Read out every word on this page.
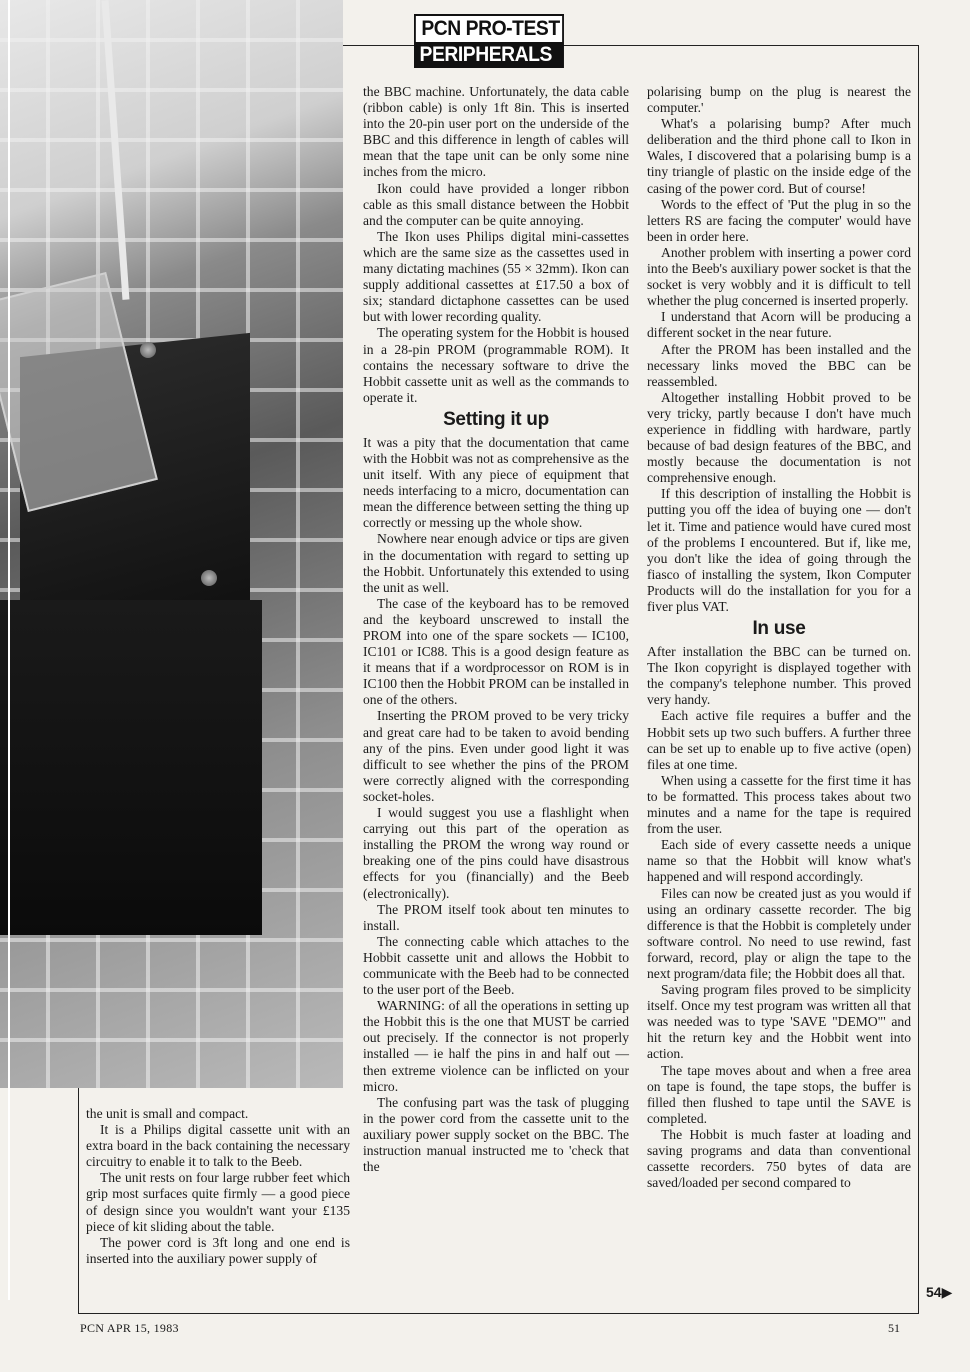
PCN PRO-TEST
PERIPHERALS

the unit is small and compact.

It is a Philips digital cassette unit with an extra board in the back containing the necessary circuitry to enable it to talk to the Beeb.

The unit rests on four large rubber feet which grip most surfaces quite firmly — a good piece of design since you wouldn't want your £135 piece of kit sliding about the table.

The power cord is 3ft long and one end is inserted into the auxiliary power supply of

the BBC machine. Unfortunately, the data cable (ribbon cable) is only 1ft 8in. This is inserted into the 20-pin user port on the underside of the BBC and this difference in length of cables will mean that the tape unit can be only some nine inches from the micro.

Ikon could have provided a longer ribbon cable as this small distance between the Hobbit and the computer can be quite annoying.

The Ikon uses Philips digital mini-cassettes which are the same size as the cassettes used in many dictating machines (55 × 32mm). Ikon can supply additional cassettes at £17.50 a box of six; standard dictaphone cassettes can be used but with lower recording quality.

The operating system for the Hobbit is housed in a 28-pin PROM (programmable ROM). It contains the necessary software to drive the Hobbit cassette unit as well as the commands to operate it.

Setting it up

It was a pity that the documentation that came with the Hobbit was not as comprehensive as the unit itself. With any piece of equipment that needs interfacing to a micro, documentation can mean the difference between setting the thing up correctly or messing up the whole show.

Nowhere near enough advice or tips are given in the documentation with regard to setting up the Hobbit. Unfortunately this extended to using the unit as well.

The case of the keyboard has to be removed and the keyboard unscrewed to install the PROM into one of the spare sockets — IC100, IC101 or IC88. This is a good design feature as it means that if a wordprocessor on ROM is in IC100 then the Hobbit PROM can be installed in one of the others.

Inserting the PROM proved to be very tricky and great care had to be taken to avoid bending any of the pins. Even under good light it was difficult to see whether the pins of the PROM were correctly aligned with the corresponding socket-holes.

I would suggest you use a flashlight when carrying out this part of the operation as installing the PROM the wrong way round or breaking one of the pins could have disastrous effects for you (financially) and the Beeb (electronically).

The PROM itself took about ten minutes to install.

The connecting cable which attaches to the Hobbit cassette unit and allows the Hobbit to communicate with the Beeb had to be connected to the user port of the Beeb.

WARNING: of all the operations in setting up the Hobbit this is the one that MUST be carried out precisely. If the connector is not properly installed — ie half the pins in and half out — then extreme violence can be inflicted on your micro.

The confusing part was the task of plugging in the power cord from the cassette unit to the auxiliary power supply socket on the BBC. The instruction manual instructed me to 'check that the

polarising bump on the plug is nearest the computer.'

What's a polarising bump? After much deliberation and the third phone call to Ikon in Wales, I discovered that a polarising bump is a tiny triangle of plastic on the inside edge of the casing of the power cord. But of course!

Words to the effect of 'Put the plug in so the letters RS are facing the computer' would have been in order here.

Another problem with inserting a power cord into the Beeb's auxiliary power socket is that the socket is very wobbly and it is difficult to tell whether the plug concerned is inserted properly.

I understand that Acorn will be producing a different socket in the near future.

After the PROM has been installed and the necessary links moved the BBC can be reassembled.

Altogether installing Hobbit proved to be very tricky, partly because I don't have much experience in fiddling with hardware, partly because of bad design features of the BBC, and mostly because the documentation is not comprehensive enough.

If this description of installing the Hobbit is putting you off the idea of buying one — don't let it. Time and patience would have cured most of the problems I encountered. But if, like me, you don't like the idea of going through the fiasco of installing the system, Ikon Computer Products will do the installation for you for a fiver plus VAT.

In use

After installation the BBC can be turned on. The Ikon copyright is displayed together with the company's telephone number. This proved very handy.

Each active file requires a buffer and the Hobbit sets up two such buffers. A further three can be set up to enable up to five active (open) files at one time.

When using a cassette for the first time it has to be formatted. This process takes about two minutes and a name for the tape is required from the user.

Each side of every cassette needs a unique name so that the Hobbit will know what's happened and will respond accordingly.

Files can now be created just as you would if using an ordinary cassette recorder. The big difference is that the Hobbit is completely under software control. No need to use rewind, fast forward, record, play or align the tape to the next program/data file; the Hobbit does all that.

Saving program files proved to be simplicity itself. Once my test program was written all that was needed was to type 'SAVE "DEMO"' and hit the return key and the Hobbit went into action.

The tape moves about and when a free area on tape is found, the tape stops, the buffer is filled then flushed to tape until the SAVE is completed.

The Hobbit is much faster at loading and saving programs and data than conventional cassette recorders. 750 bytes of data are saved/loaded per second compared to

54▶
PCN APR 15, 1983	51
